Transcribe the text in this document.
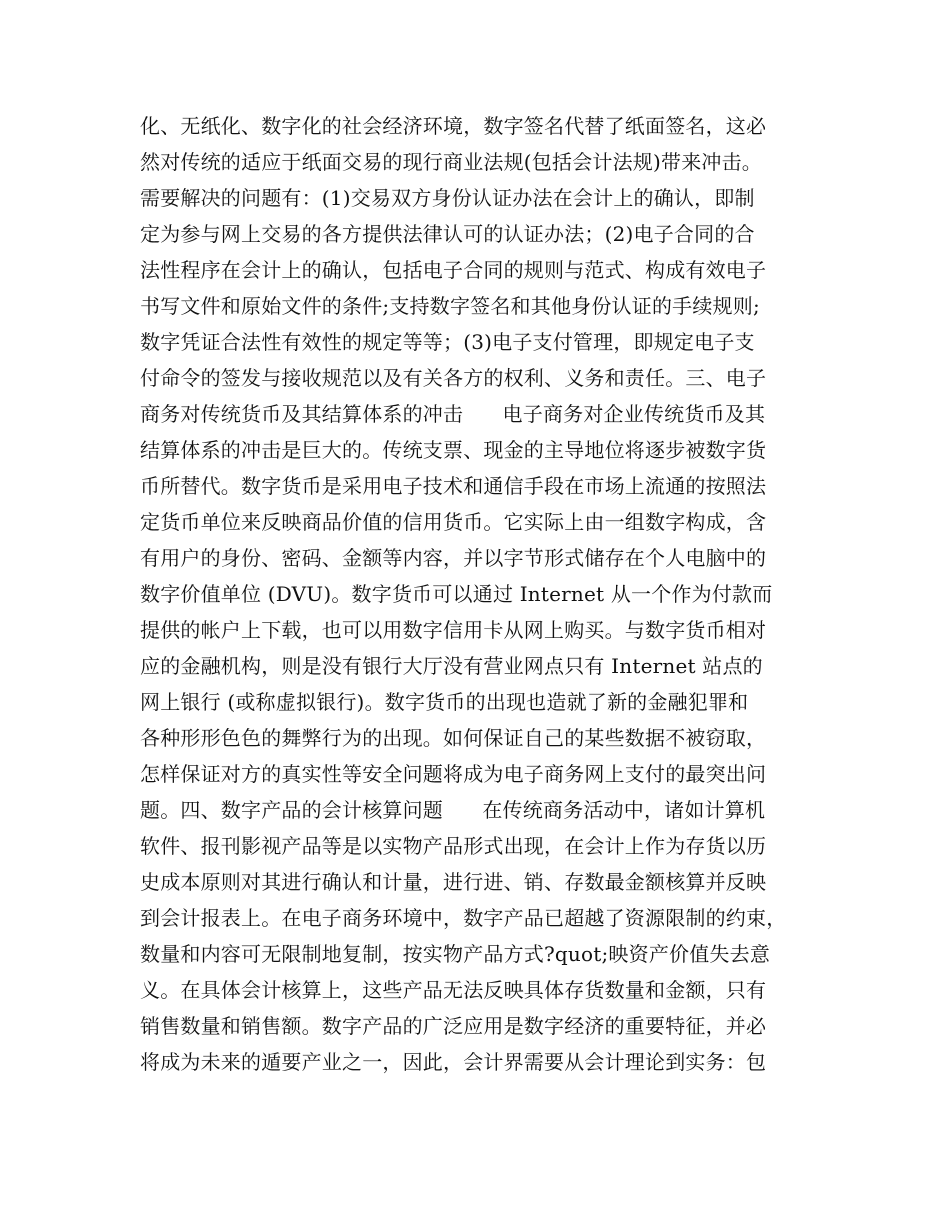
化、无纸化、数字化的社会经济环境，数字签名代替了纸面签名，这必
然对传统的适应于纸面交易的现行商业法规(包括会计法规)带来冲击。
需要解决的问题有：(1)交易双方身份认证办法在会计上的确认，即制
定为参与网上交易的各方提供法律认可的认证办法；(2)电子合同的合
法性程序在会计上的确认，包括电子合同的规则与范式、构成有效电子
书写文件和原始文件的条件;支持数字签名和其他身份认证的手续规则;
数字凭证合法性有效性的规定等等；(3)电子支付管理，即规定电子支
付命令的签发与接收规范以及有关各方的权利、义务和责任。三、电子
商务对传统货币及其结算体系的冲击      电子商务对企业传统货币及其
结算体系的冲击是巨大的。传统支票、现金的主导地位将逐步被数字货
币所替代。数字货币是采用电子技术和通信手段在市场上流通的按照法
定货币单位来反映商品价值的信用货币。它实际上由一组数字构成，含
有用户的身份、密码、金额等内容，并以字节形式储存在个人电脑中的
数字价值单位 (DVU)。数字货币可以通过 Internet 从一个作为付款而
提供的帐户上下载，也可以用数字信用卡从网上购买。与数字货币相对
应的金融机构，则是没有银行大厅没有营业网点只有 Internet 站点的
网上银行 (或称虚拟银行)。数字货币的出现也造就了新的金融犯罪和
各种形形色色的舞弊行为的出现。如何保证自己的某些数据不被窃取，
怎样保证对方的真实性等安全问题将成为电子商务网上支付的最突出问
题。四、数字产品的会计核算问题      在传统商务活动中，诸如计算机
软件、报刊影视产品等是以实物产品形式出现，在会计上作为存货以历
史成本原则对其进行确认和计量，进行进、销、存数最金额核算并反映
到会计报表上。在电子商务环境中，数字产品已超越了资源限制的约束，
数量和内容可无限制地复制，按实物产品方式?quot;映资产价值失去意
义。在具体会计核算上，这些产品无法反映具体存货数量和金额，只有
销售数量和销售额。数字产品的广泛应用是数字经济的重要特征，并必
将成为未来的遁要产业之一，因此，会计界需要从会计理论到实务：包
